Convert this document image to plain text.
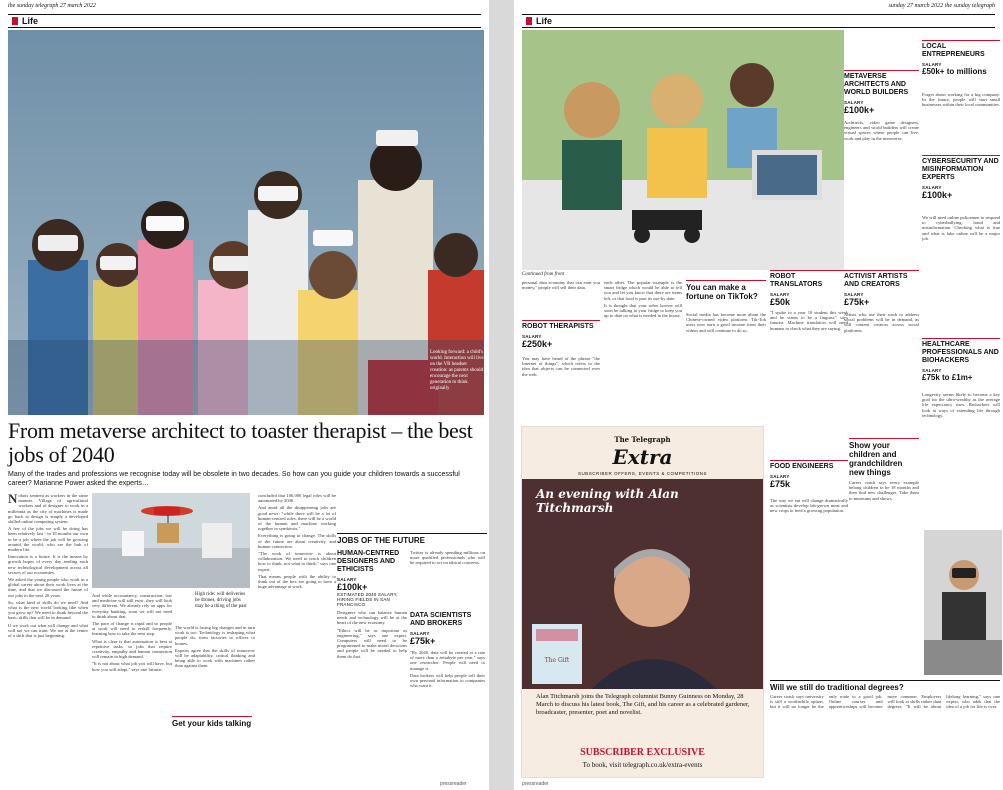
the sunday telegraph 27 march 2022
Life
Looking forward: a child's world. Interaction will live on the VR headset creation: as parents should encourage the next generation to think originally
From metaverse architect to toaster therapist – the best jobs of 2040
Many of the trades and professions we recognise today will be obsolete in two decades. So how can you guide your children towards a successful career? Marianne Power asked the experts…

Nobots sentient as workers in the same manner. Village of agricultural workers and of designer to work in a millennia as the city of machines is made go back to design is simply a developed skilled online computing system.

A few of the jobs we will be doing has been relatively fast - in 18 months our own to be a job where the job will be growing around the world, who are the hub of modern life.

Innovation is a future. It is the means by growth hopes of every day reading each new technological development across all sectors of our economies.

We asked the young people who work in a global career about their work lives at the time, and that we discussed the future of our jobs in the next 20 years.

So, what kind of skills do we need? And what is the new world looking like when you grow up? We need to think beyond the basic skills that will be in demand.

If we work out what will change and what will not we can train. We are at the centre of a shift that is just beginning.

And while accountancy, construction, law and medicine will still exist, they will look very different. We already rely on apps for everyday banking, soon we will not need to think about that.

The pace of change is rapid and so people at work will need to reskill frequently, learning how to take the next step.

What is clear is that automation is best at repetitive tasks, so jobs that require creativity, empathy and human connection will remain in high demand.

"It is not about what job you will have, but how you will adapt," says one futurist.

High ride: will deliveries be drones, driving jobs may be a thing of the past

The world is facing big changes and in turn work is too. Technology is reshaping what people do, from factories to offices to homes.

Experts agree that the skills of tomorrow will be adaptability, critical thinking and being able to work with machines rather than against them.

Get your kids talking

concluded that 100,000 legal roles will be automated by 2036.

And amid all the disappearing jobs are good news: "while there will be a lot of human-centred roles, there will be a world of the human and machine working together in symbiosis."

Everything is going to change. The skills of the future are about creativity, and human connection.

"The work of tomorrow is about collaboration. We need to teach children how to think, not what to think," says one expert.

That means people with the ability to think out of the box are going to have a huge advantage at work.

JOBS OF THE FUTURE
HUMAN-CENTRED DESIGNERS AND ETHICISTS
SALARY
£100k+
ESTIMATED 2040 SALARY, HIRING FIELDS IN SAN FRANCISCO

Designers who can balance human needs and technology will be at the heart of the new economy.

"Ethics will be as important as engineering," says one expert. Computers will need to be programmed to make moral decisions and people will be needed to help them do that.

Twitter is already spending millions on more qualified professionals who will be required to act on ethical concerns.

DATA SCIENTISTS AND BROKERS
SALARY
£75k+

"By 2040, data will be created at a rate of more than a zettabyte per year," says one researcher. People will need to manage it.

Data brokers will help people sell their own personal information to companies who want it.

pressreader
sunday 27 march 2022 the sunday telegraph
Life
Continued from front

personal data economy that can earn you money," people will sell their data.

ROBOT THERAPISTS
SALARY
£250k+

You may have heard of the phrase "the Internet of things", which refers to the idea that objects can be connected over the web.

each other. The popular example is the smart fridge which would be able to tell you and let you know that there are items left, or that food is past its use-by date.

It is thought that your robot hoover will soon be talking to your fridge to keep you up to date on what is needed in the house.

You can make a fortune on TikTok?

Social media has become more about the Chinese-owned video platform. Tik-Tok users now earn a good income from their videos and will continue to do so.

ROBOT TRANSLATORS
SALARY
£50k

"I spoke to a year 10 student this week and he wants to be a linguist," says futurist. Machine translators will need humans to check what they are saying.

METAVERSE ARCHITECTS AND WORLD BUILDERS
SALARY
£100k+

Architects, video game designers, engineers and world builders will create virtual spaces where people can live, work and play in the metaverse.

ACTIVIST ARTISTS AND CREATORS
SALARY
£75k+

Artists who use their work to address social problems will be in demand, as will content creators across social platforms.

LOCAL ENTREPRENEURS
SALARY
£50k+ to millions

Forget about working for a big company. In the future, people will start small businesses within their local communities.

CYBERSECURITY AND MISINFORMATION EXPERTS
SALARY
£100k+

We will need online policemen to respond to cyberbullying, fraud and misinformation. Checking what is true and what is fake online will be a major job.

HEALTHCARE PROFESSIONALS AND BIOHACKERS
SALARY
£75k to £1m+

Longevity seems likely to become a key goal for the ultra-wealthy as the average life expectancy rises. Biohackers will look at ways of extending life through technology.

Show your children and grandchildren new things

Career coach says every example belong children to be 18 months and then find new challenges. Take them to museums and shows.

FOOD ENGINEERS
SALARY
£75k

The way we eat will change dramatically as scientists develop lab-grown meat and new crops to feed a growing population.

Will we still do traditional degrees?

Career coach says university is still a worthwhile option, but it will no longer be the only route to a good job. Online courses and apprenticeships will become more common. Employers will look at skills rather than degrees. "It will be about lifelong learning," says one expert, who adds that the idea of a job for life is over.

The Telegraph
Extra
SUBSCRIBER OFFERS, EVENTS & COMPETITIONS
An evening with Alan Titchmarsh
The Gift
Alan Titchmarsh joins the Telegraph columnist Bunny Guinness on Monday, 28 March to discuss his latest book, The Gift, and his career as a celebrated gardener, broadcaster, presenter, poet and novelist.
SUBSCRIBER EXCLUSIVE
To book, visit telegraph.co.uk/extra-events
pressreader
